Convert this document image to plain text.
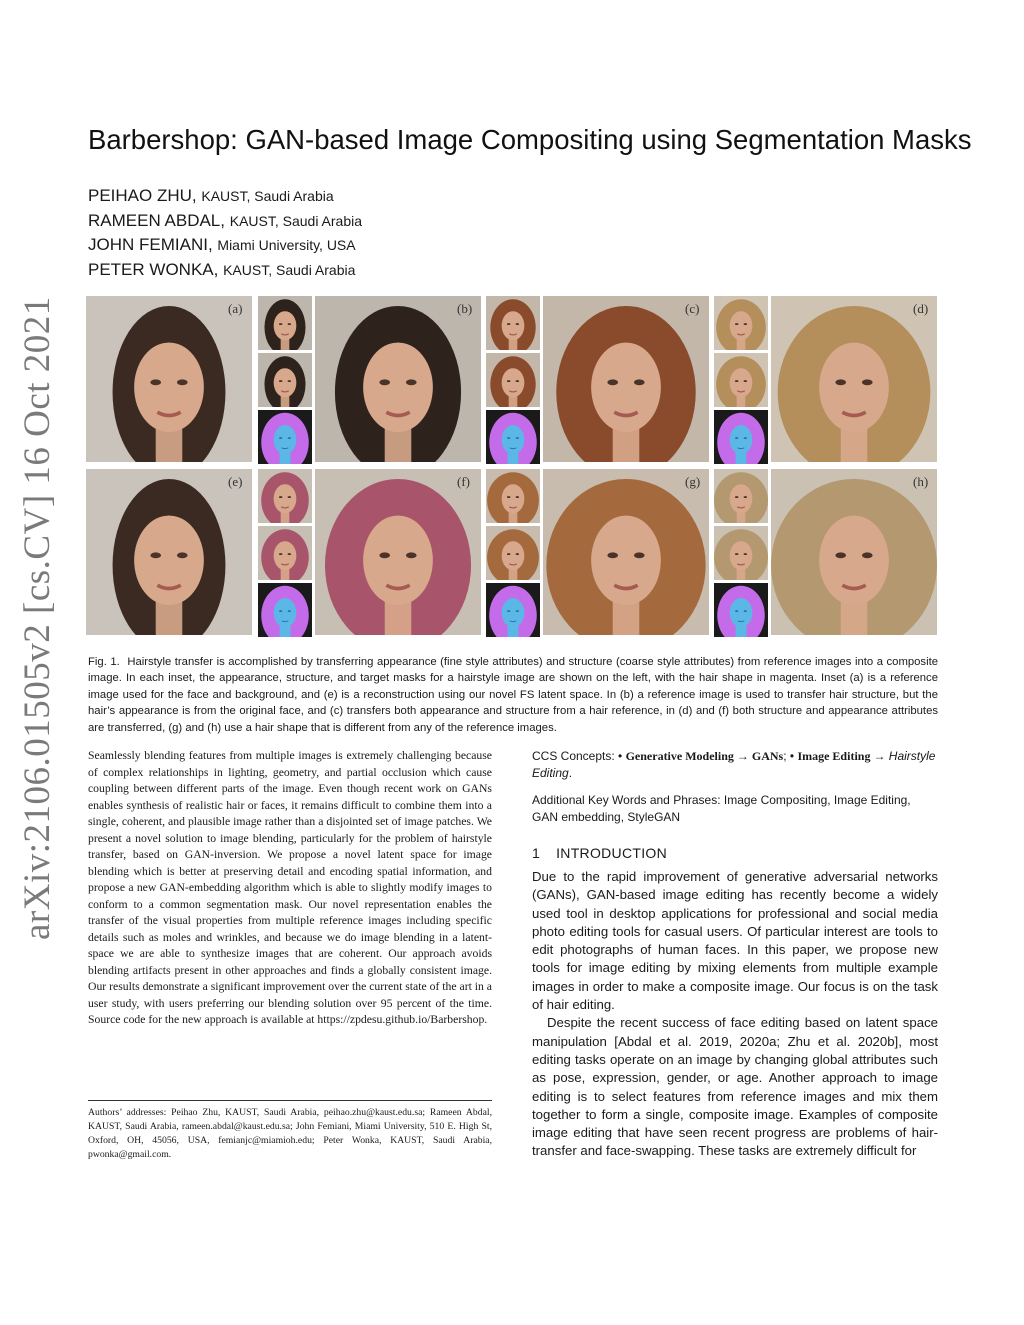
arXiv:2106.01505v2 [cs.CV] 16 Oct 2021
Barbershop: GAN-based Image Compositing using Segmentation Masks
PEIHAO ZHU, KAUST, Saudi Arabia
RAMEEN ABDAL, KAUST, Saudi Arabia
JOHN FEMIANI, Miami University, USA
PETER WONKA, KAUST, Saudi Arabia
(a)	(b)	(c)	(d)
(e)	(f)	(g)	(h)
Fig. 1. Hairstyle transfer is accomplished by transferring appearance (fine style attributes) and structure (coarse style attributes) from reference images into a composite image. In each inset, the appearance, structure, and target masks for a hairstyle image are shown on the left, with the hair shape in magenta. Inset (a) is a reference image used for the face and background, and (e) is a reconstruction using our novel FS latent space. In (b) a reference image is used to transfer hair structure, but the hair’s appearance is from the original face, and (c) transfers both appearance and structure from a hair reference, in (d) and (f) both structure and appearance attributes are transferred, (g) and (h) use a hair shape that is different from any of the reference images.
Seamlessly blending features from multiple images is extremely challenging because of complex relationships in lighting, geometry, and partial occlusion which cause coupling between different parts of the image. Even though recent work on GANs enables synthesis of realistic hair or faces, it remains difficult to combine them into a single, coherent, and plausible image rather than a disjointed set of image patches. We present a novel solution to image blending, particularly for the problem of hairstyle transfer, based on GAN-inversion. We propose a novel latent space for image blending which is better at preserving detail and encoding spatial information, and propose a new GAN-embedding algorithm which is able to slightly modify images to conform to a common segmentation mask. Our novel representation enables the transfer of the visual properties from multiple reference images including specific details such as moles and wrinkles, and because we do image blending in a latent-space we are able to synthesize images that are coherent. Our approach avoids blending artifacts present in other approaches and finds a globally consistent image. Our results demonstrate a significant improvement over the current state of the art in a user study, with users preferring our blending solution over 95 percent of the time. Source code for the new approach is available at https://zpdesu.github.io/Barbershop.
Authors’ addresses: Peihao Zhu, KAUST, Saudi Arabia, peihao.zhu@kaust.edu.sa; Rameen Abdal, KAUST, Saudi Arabia, rameen.abdal@kaust.edu.sa; John Femiani, Miami University, 510 E. High St, Oxford, OH, 45056, USA, femianjc@miamioh.edu; Peter Wonka, KAUST, Saudi Arabia, pwonka@gmail.com.
CCS Concepts: • Generative Modeling → GANs; • Image Editing → Hairstyle Editing.
Additional Key Words and Phrases: Image Compositing, Image Editing, GAN embedding, StyleGAN
1 INTRODUCTION

Due to the rapid improvement of generative adversarial networks (GANs), GAN-based image editing has recently become a widely used tool in desktop applications for professional and social media photo editing tools for casual users. Of particular interest are tools to edit photographs of human faces. In this paper, we propose new tools for image editing by mixing elements from multiple example images in order to make a composite image. Our focus is on the task of hair editing.

Despite the recent success of face editing based on latent space manipulation [Abdal et al. 2019, 2020a; Zhu et al. 2020b], most editing tasks operate on an image by changing global attributes such as pose, expression, gender, or age. Another approach to image editing is to select features from reference images and mix them together to form a single, composite image. Examples of composite image editing that have seen recent progress are problems of hair-transfer and face-swapping. These tasks are extremely difficult for
